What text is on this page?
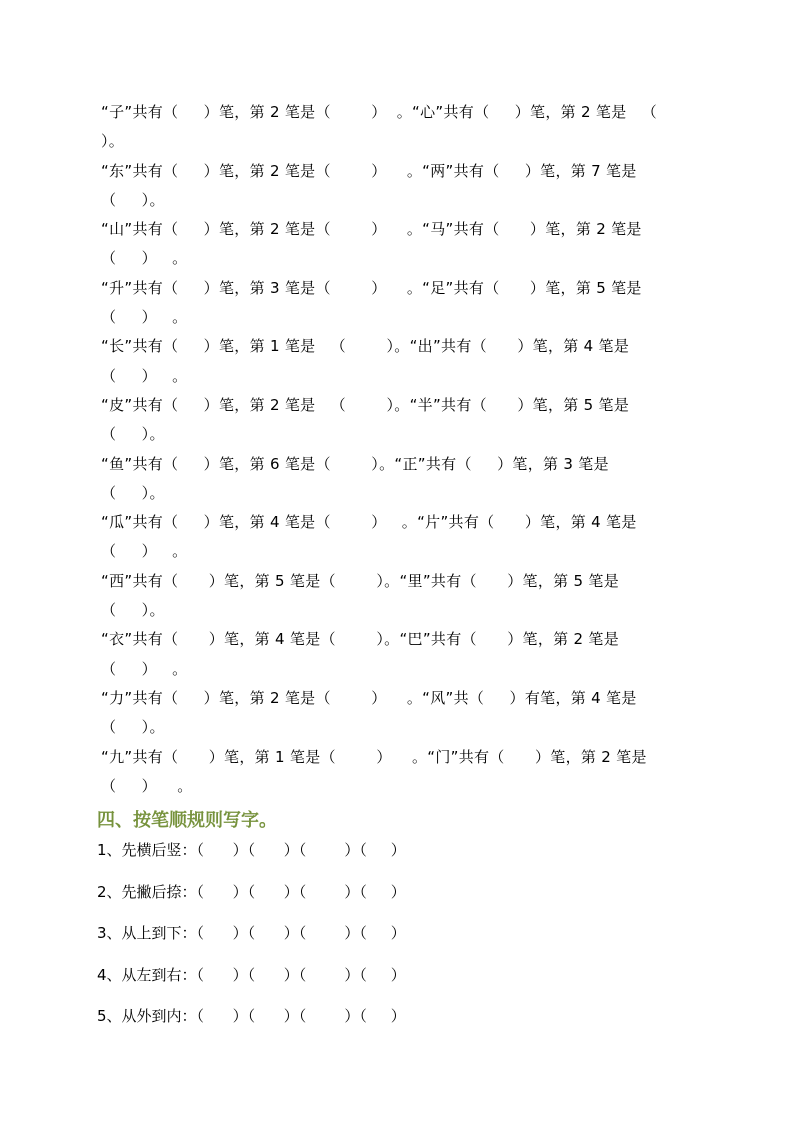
“子”共有（     ）笔，第 2 笔是（        ）  。“心”共有（     ）笔，第 2 笔是   （
）。
“东”共有（     ）笔，第 2 笔是（        ）    。“两”共有（     ）笔，第 7 笔是
（     ）。
“山”共有（     ）笔，第 2 笔是（        ）    。“马”共有（      ）笔，第 2 笔是
（     ）   。
“升”共有（     ）笔，第 3 笔是（        ）    。“足”共有（      ）笔，第 5 笔是
（     ）   。
“长”共有（     ）笔，第 1 笔是   （        ）。“出”共有（      ）笔，第 4 笔是
（     ）   。
“皮”共有（     ）笔，第 2 笔是   （        ）。“半”共有（      ）笔，第 5 笔是
（     ）。
“鱼”共有（     ）笔，第 6 笔是（        ）。“正”共有（     ）笔，第 3 笔是
（     ）。
“瓜”共有（     ）笔，第 4 笔是（        ）   。“片”共有（      ）笔，第 4 笔是
（     ）   。
“西”共有（      ）笔，第 5 笔是（        ）。“里”共有（      ）笔，第 5 笔是
（     ）。
“衣”共有（      ）笔，第 4 笔是（        ）。“巴”共有（      ）笔，第 2 笔是
（     ）   。
“力”共有（     ）笔，第 2 笔是（        ）    。“风”共（     ）有笔，第 4 笔是
（     ）。
“九”共有（      ）笔，第 1 笔是（        ）    。“门”共有（      ）笔，第 2 笔是
（     ）    。
四、按笔顺规则写字。
1、先横后竖：（      ）（      ）（        ）（     ）
2、先撇后捺：（      ）（      ）（        ）（     ）
3、从上到下：（      ）（      ）（        ）（     ）
4、从左到右：（      ）（      ）（        ）（     ）
5、从外到内：（      ）（      ）（        ）（     ）
